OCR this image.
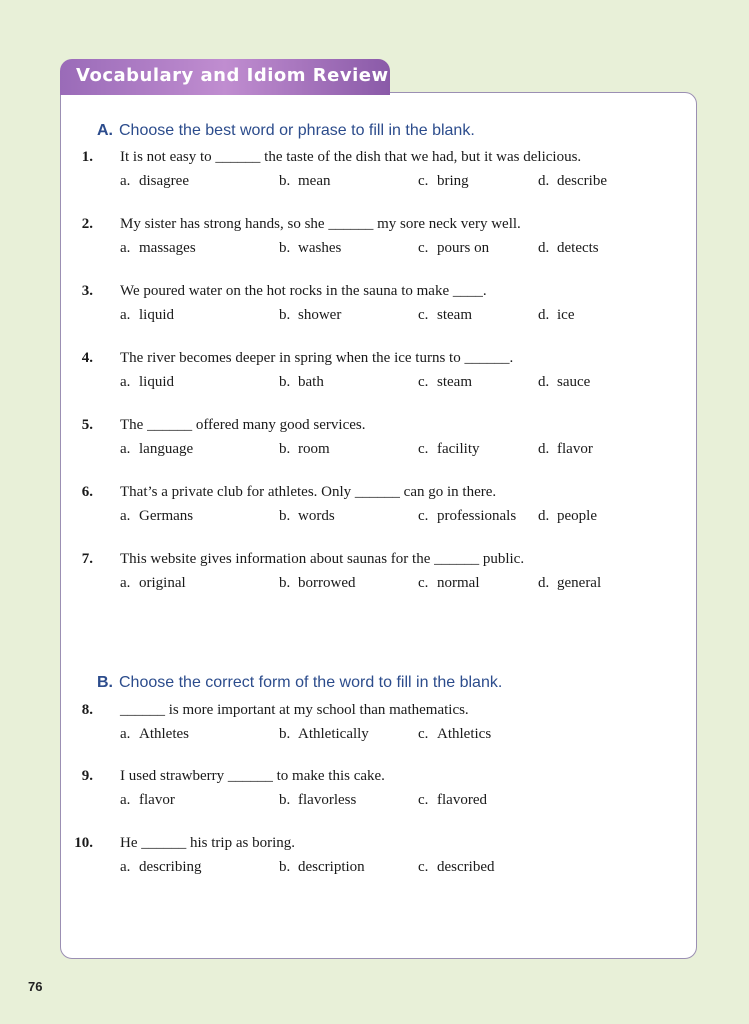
Vocabulary and Idiom Review
A. Choose the best word or phrase to fill in the blank.
1. It is not easy to ______ the taste of the dish that we had, but it was delicious.
a. disagree	b. mean	c. bring	d. describe
2. My sister has strong hands, so she ______ my sore neck very well.
a. massages	b. washes	c. pours on	d. detects
3. We poured water on the hot rocks in the sauna to make ____.
a. liquid	b. shower	c. steam	d. ice
4. The river becomes deeper in spring when the ice turns to ______.
a. liquid	b. bath	c. steam	d. sauce
5. The ______ offered many good services.
a. language	b. room	c. facility	d. flavor
6. That’s a private club for athletes. Only ______ can go in there.
a. Germans	b. words	c. professionals d. people
7. This website gives information about saunas for the ______ public.
a. original	b. borrowed	c. normal	d. general
B. Choose the correct form of the word to fill in the blank.
8. ______ is more important at my school than mathematics.
a. Athletes	b. Athletically	c. Athletics
9. I used strawberry ______ to make this cake.
a. flavor	b. flavorless	c. flavored
10. He ______ his trip as boring.
a. describing	b. description	c. described
76
